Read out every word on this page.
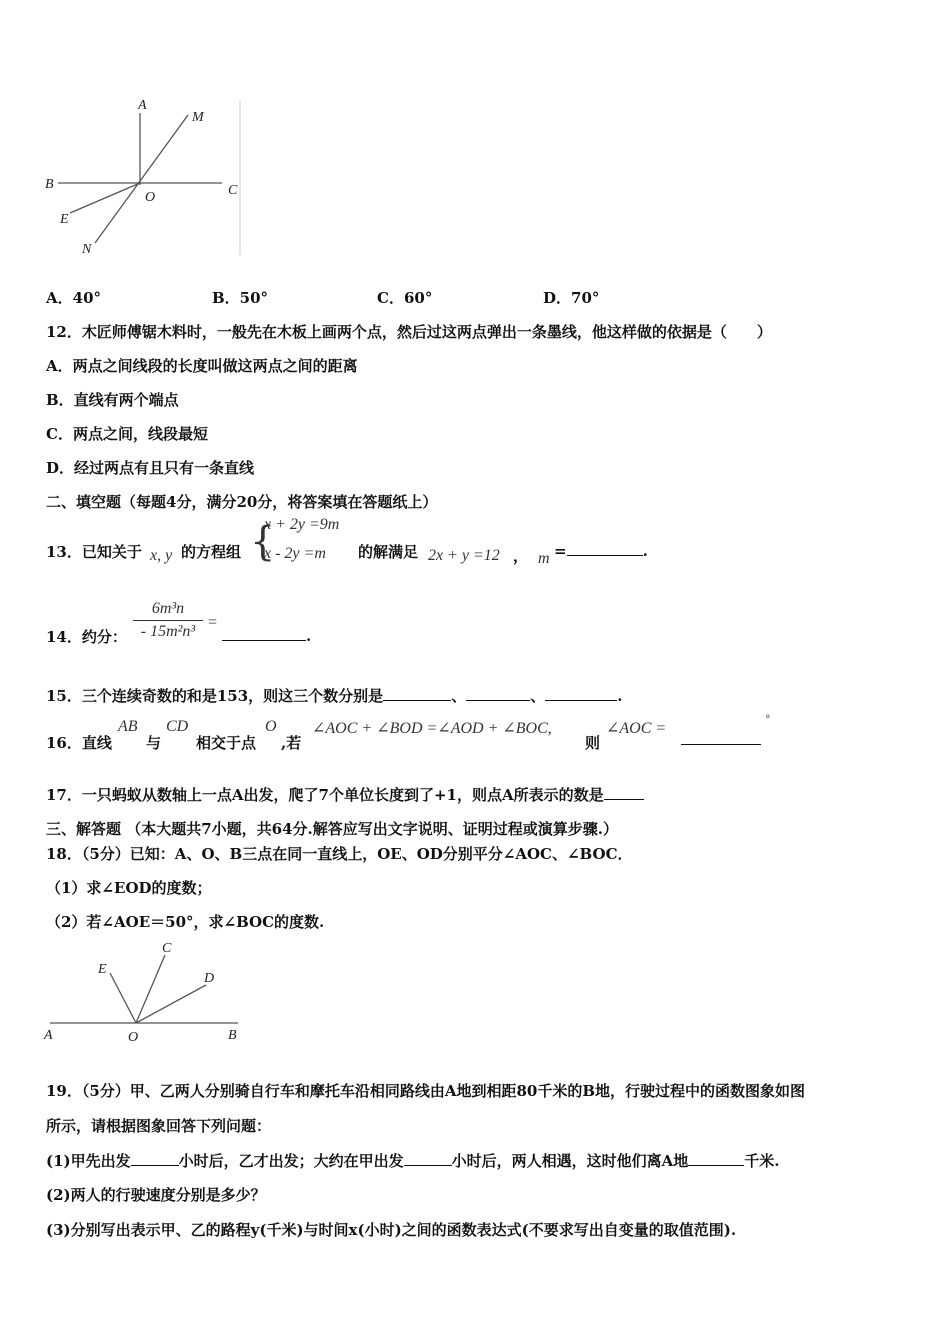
A
M
B
O	C
E
N
A．40°	B．50°	C．60°	D．70°
12．木匠师傅锯木料时，一般先在木板上画两个点，然后过这两点弹出一条墨线，他这样做的依据是（　　）
A．两点之间线段的长度叫做这两点之间的距离
B．直线有两个端点
C．两点之间，线段最短
D．经过两点有且只有一条直线
二、填空题（每题4分，满分20分，将答案填在答题纸上）
13．已知关于 x, y 的方程组 {
x + 2y =9m
x - 2y =m 的解满足 2x + y =12 ， m =	.
14．约分： $\frac{\text{6m³n}}{\text{- 15m²n³}}$ =
.
15．三个连续奇数的和是153，则这三个数分别是	、	、	.
16．直线
AB
与
CD
相交于点
O
,若
∠AOC + ∠BOD =∠AOD + ∠BOC,
则
∠AOC =
°
17．一只蚂蚁从数轴上一点A出发，爬了7个单位长度到了+1，则点A所表示的数是
三、解答题 （本大题共7小题，共64分.解答应写出文字说明、证明过程或演算步骤.）
18．（5分）已知：A、O、B三点在同一直线上，OE、OD分别平分∠AOC、∠BOC．
（1）求∠EOD的度数；
（2）若∠AOE＝50°，求∠BOC的度数.
A	O	B
E
C
D
19．（5分）甲、乙两人分别骑自行车和摩托车沿相同路线由A地到相距80千米的B地，行驶过程中的函数图象如图
所示，请根据图象回答下列问题：
(1)甲先出发	小时后，乙才出发；大约在甲出发	小时后，两人相遇，这时他们离A地	千米.
(2)两人的行驶速度分别是多少？
(3)分别写出表示甲、乙的路程y(千米)与时间x(小时)之间的函数表达式(不要求写出自变量的取值范围).
